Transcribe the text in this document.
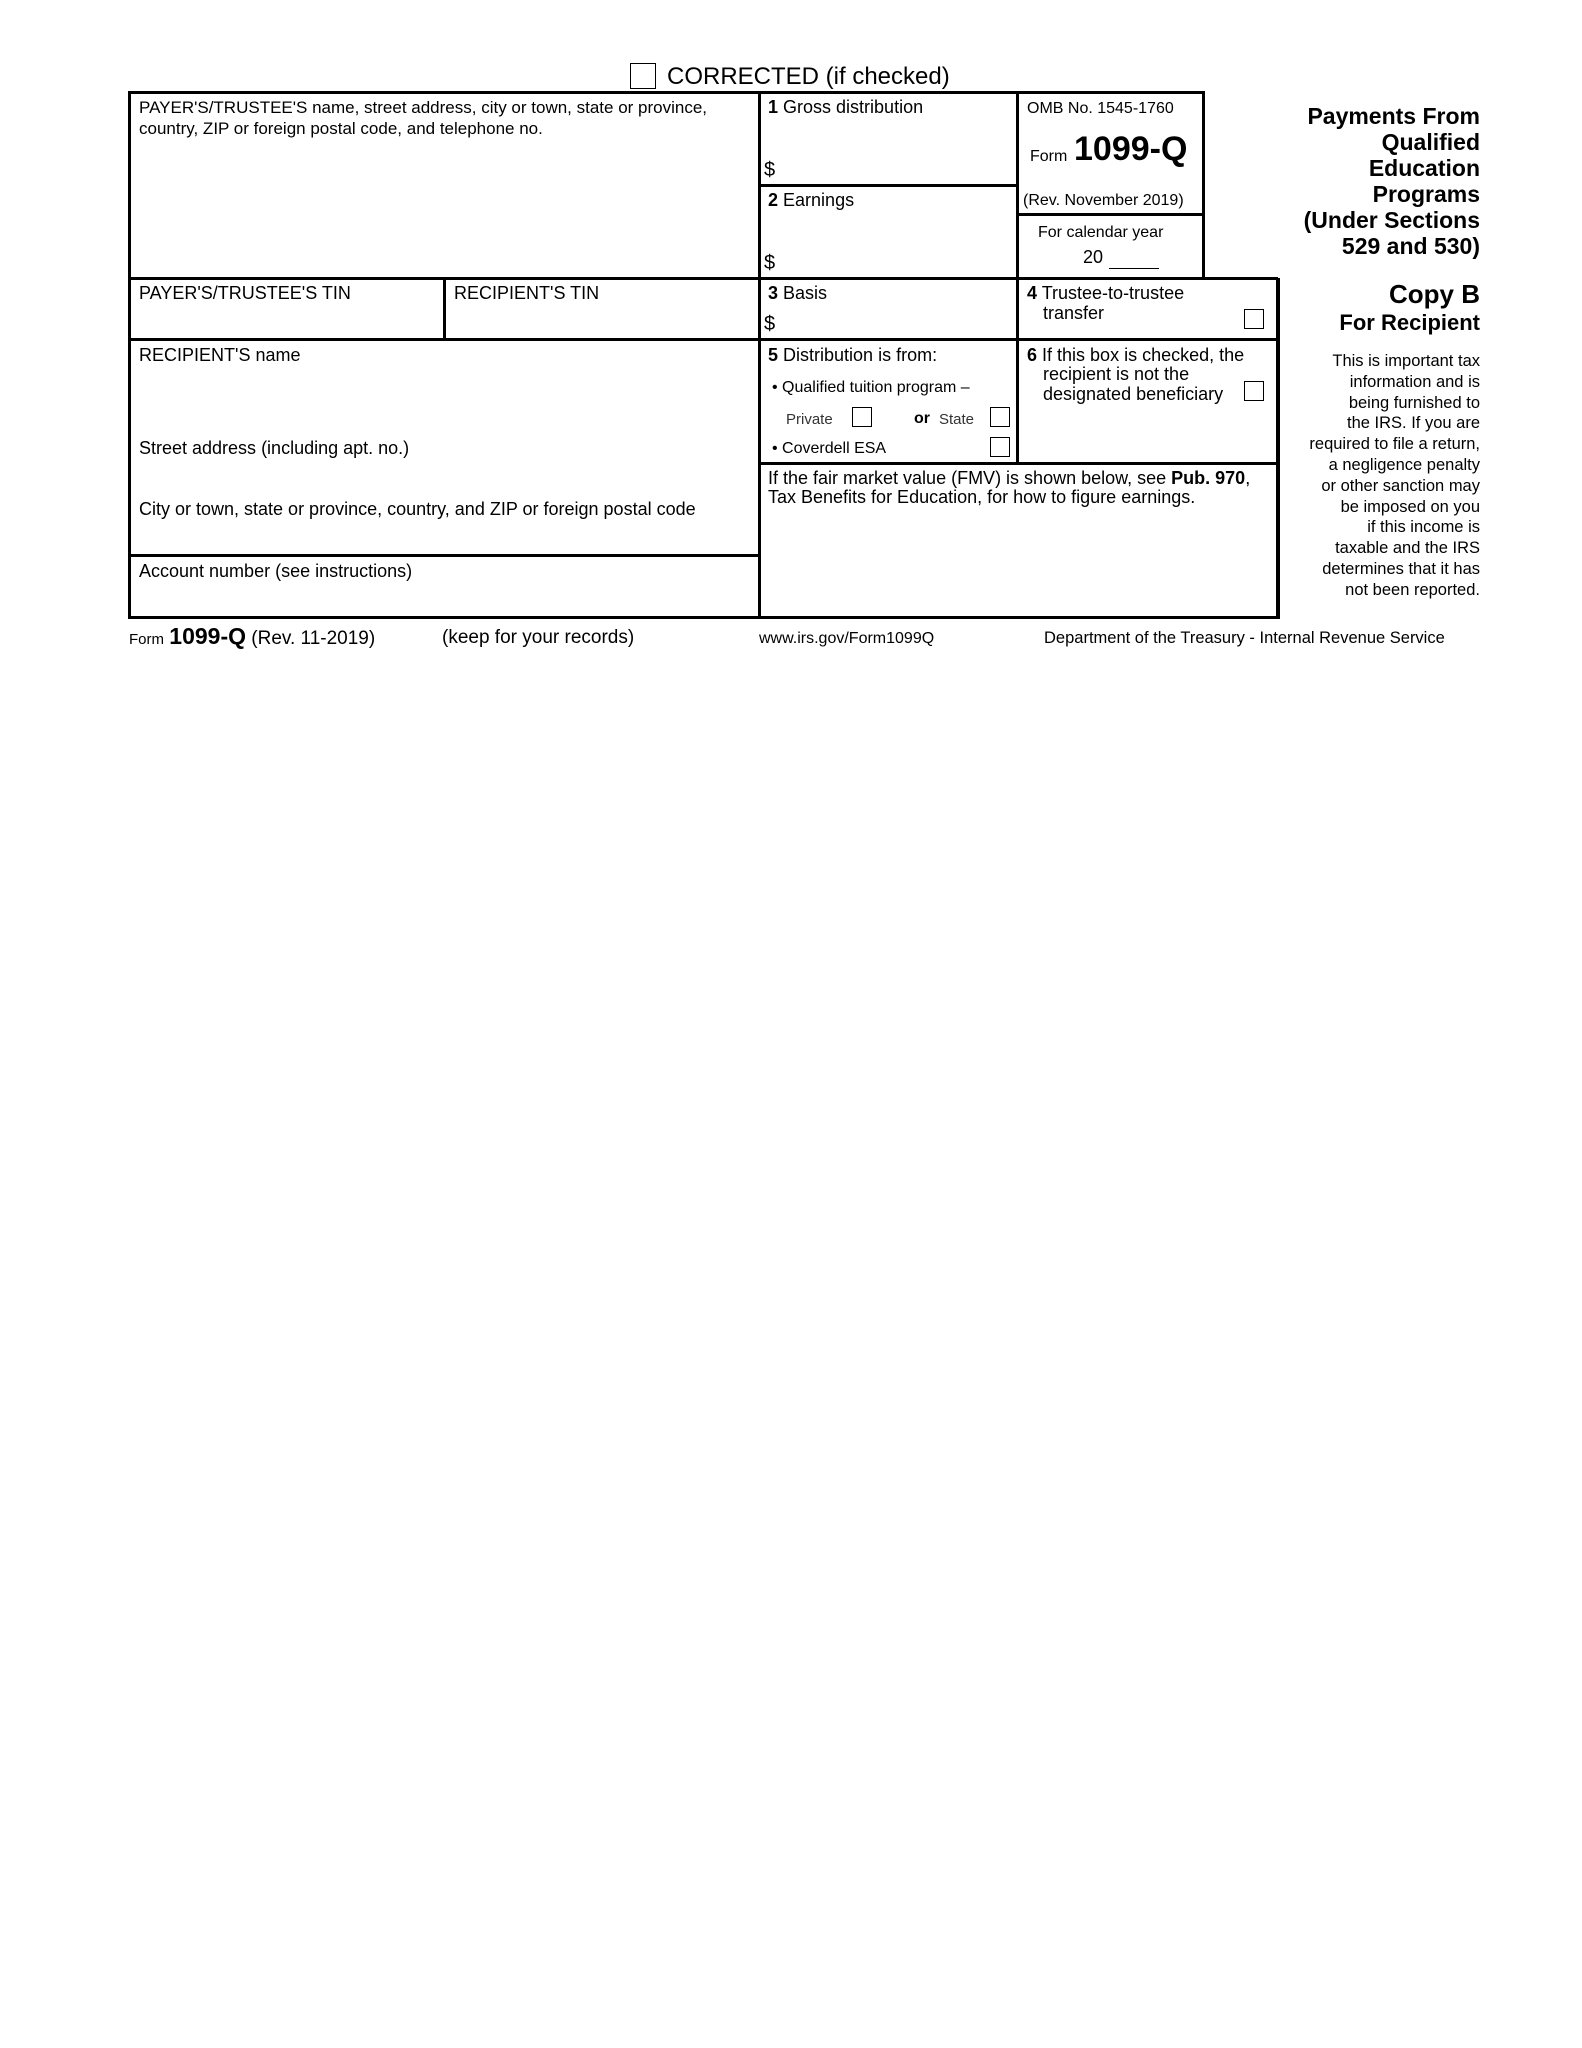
CORRECTED (if checked)
PAYER'S/TRUSTEE'S name, street address, city or town, state or province,
country, ZIP or foreign postal code, and telephone no.
1 Gross distribution
$
2 Earnings
$
OMB No. 1545-1760
Form 1099-Q
(Rev. November 2019)
For calendar year
20
Payments From
Qualified
Education
Programs
(Under Sections
529 and 530)
PAYER'S/TRUSTEE'S TIN	RECIPIENT'S TIN	3 Basis
$
4 Trustee-to-trustee
transfer
Copy B
For Recipient
RECIPIENT'S name
Street address (including apt. no.)
City or town, state or province, country, and ZIP or foreign postal code
Account number (see instructions)
5 Distribution is from:
• Qualified tuition program –
Private	or State
• Coverdell ESA
6 If this box is checked, the
recipient is not the
designated beneficiary
If the fair market value (FMV) is shown below, see Pub. 970,
Tax Benefits for Education, for how to figure earnings.
This is important tax
information and is
being furnished to
the IRS. If you are
required to file a return,
a negligence penalty
or other sanction may
be imposed on you
if this income is
taxable and the IRS
determines that it has
not been reported.
Form 1099-Q (Rev. 11-2019)	(keep for your records)	www.irs.gov/Form1099Q	Department of the Treasury - Internal Revenue Service
